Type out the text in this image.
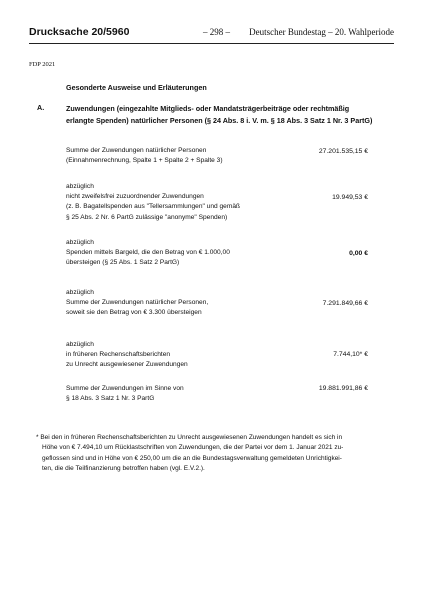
Drucksache 20/5960	– 298 – Deutscher Bundestag – 20. Wahlperiode
FDP 2021
Gesonderte Ausweise und Erläuterungen
A.	Zuwendungen (eingezahlte Mitglieds- oder Mandatsträgerbeiträge oder rechtmäßig erlangte Spenden) natürlicher Personen (§ 24 Abs. 8 i. V. m. § 18 Abs. 3 Satz 1 Nr. 3 PartG)
Summe der Zuwendungen natürlicher Personen
(Einnahmenrechnung, Spalte 1 + Spalte 2 + Spalte 3)
27.201.535,15 €
abzüglich
nicht zweifelsfrei zuzuordnender Zuwendungen
(z. B. Bagatellspenden aus "Tellersammlungen" und gemäß
§ 25 Abs. 2 Nr. 6 PartG zulässige "anonyme" Spenden)
19.949,53 €
abzüglich
Spenden mittels Bargeld, die den Betrag von € 1.000,00
übersteigen (§ 25 Abs. 1 Satz 2 PartG)
0,00 €
abzüglich
Summe der Zuwendungen natürlicher Personen,
soweit sie den Betrag von € 3.300 übersteigen
7.291.849,66 €
abzüglich
in früheren Rechenschaftsberichten
zu Unrecht ausgewiesener Zuwendungen
7.744,10* €
Summe der Zuwendungen im Sinne von
§ 18 Abs. 3 Satz 1 Nr. 3 PartG
19.881.991,86 €
* Bei den in früheren Rechenschaftsberichten zu Unrecht ausgewiesenen Zuwendungen handelt es sich in
Höhe von € 7.494,10 um Rücklastschriften von Zuwendungen, die der Partei vor dem 1. Januar 2021 zu-
geflossen sind und in Höhe von € 250,00 um die an die Bundestagsverwaltung gemeldeten Unrichtigkei-
ten, die die Teilfinanzierung betroffen haben (vgl. E.V.2.).
